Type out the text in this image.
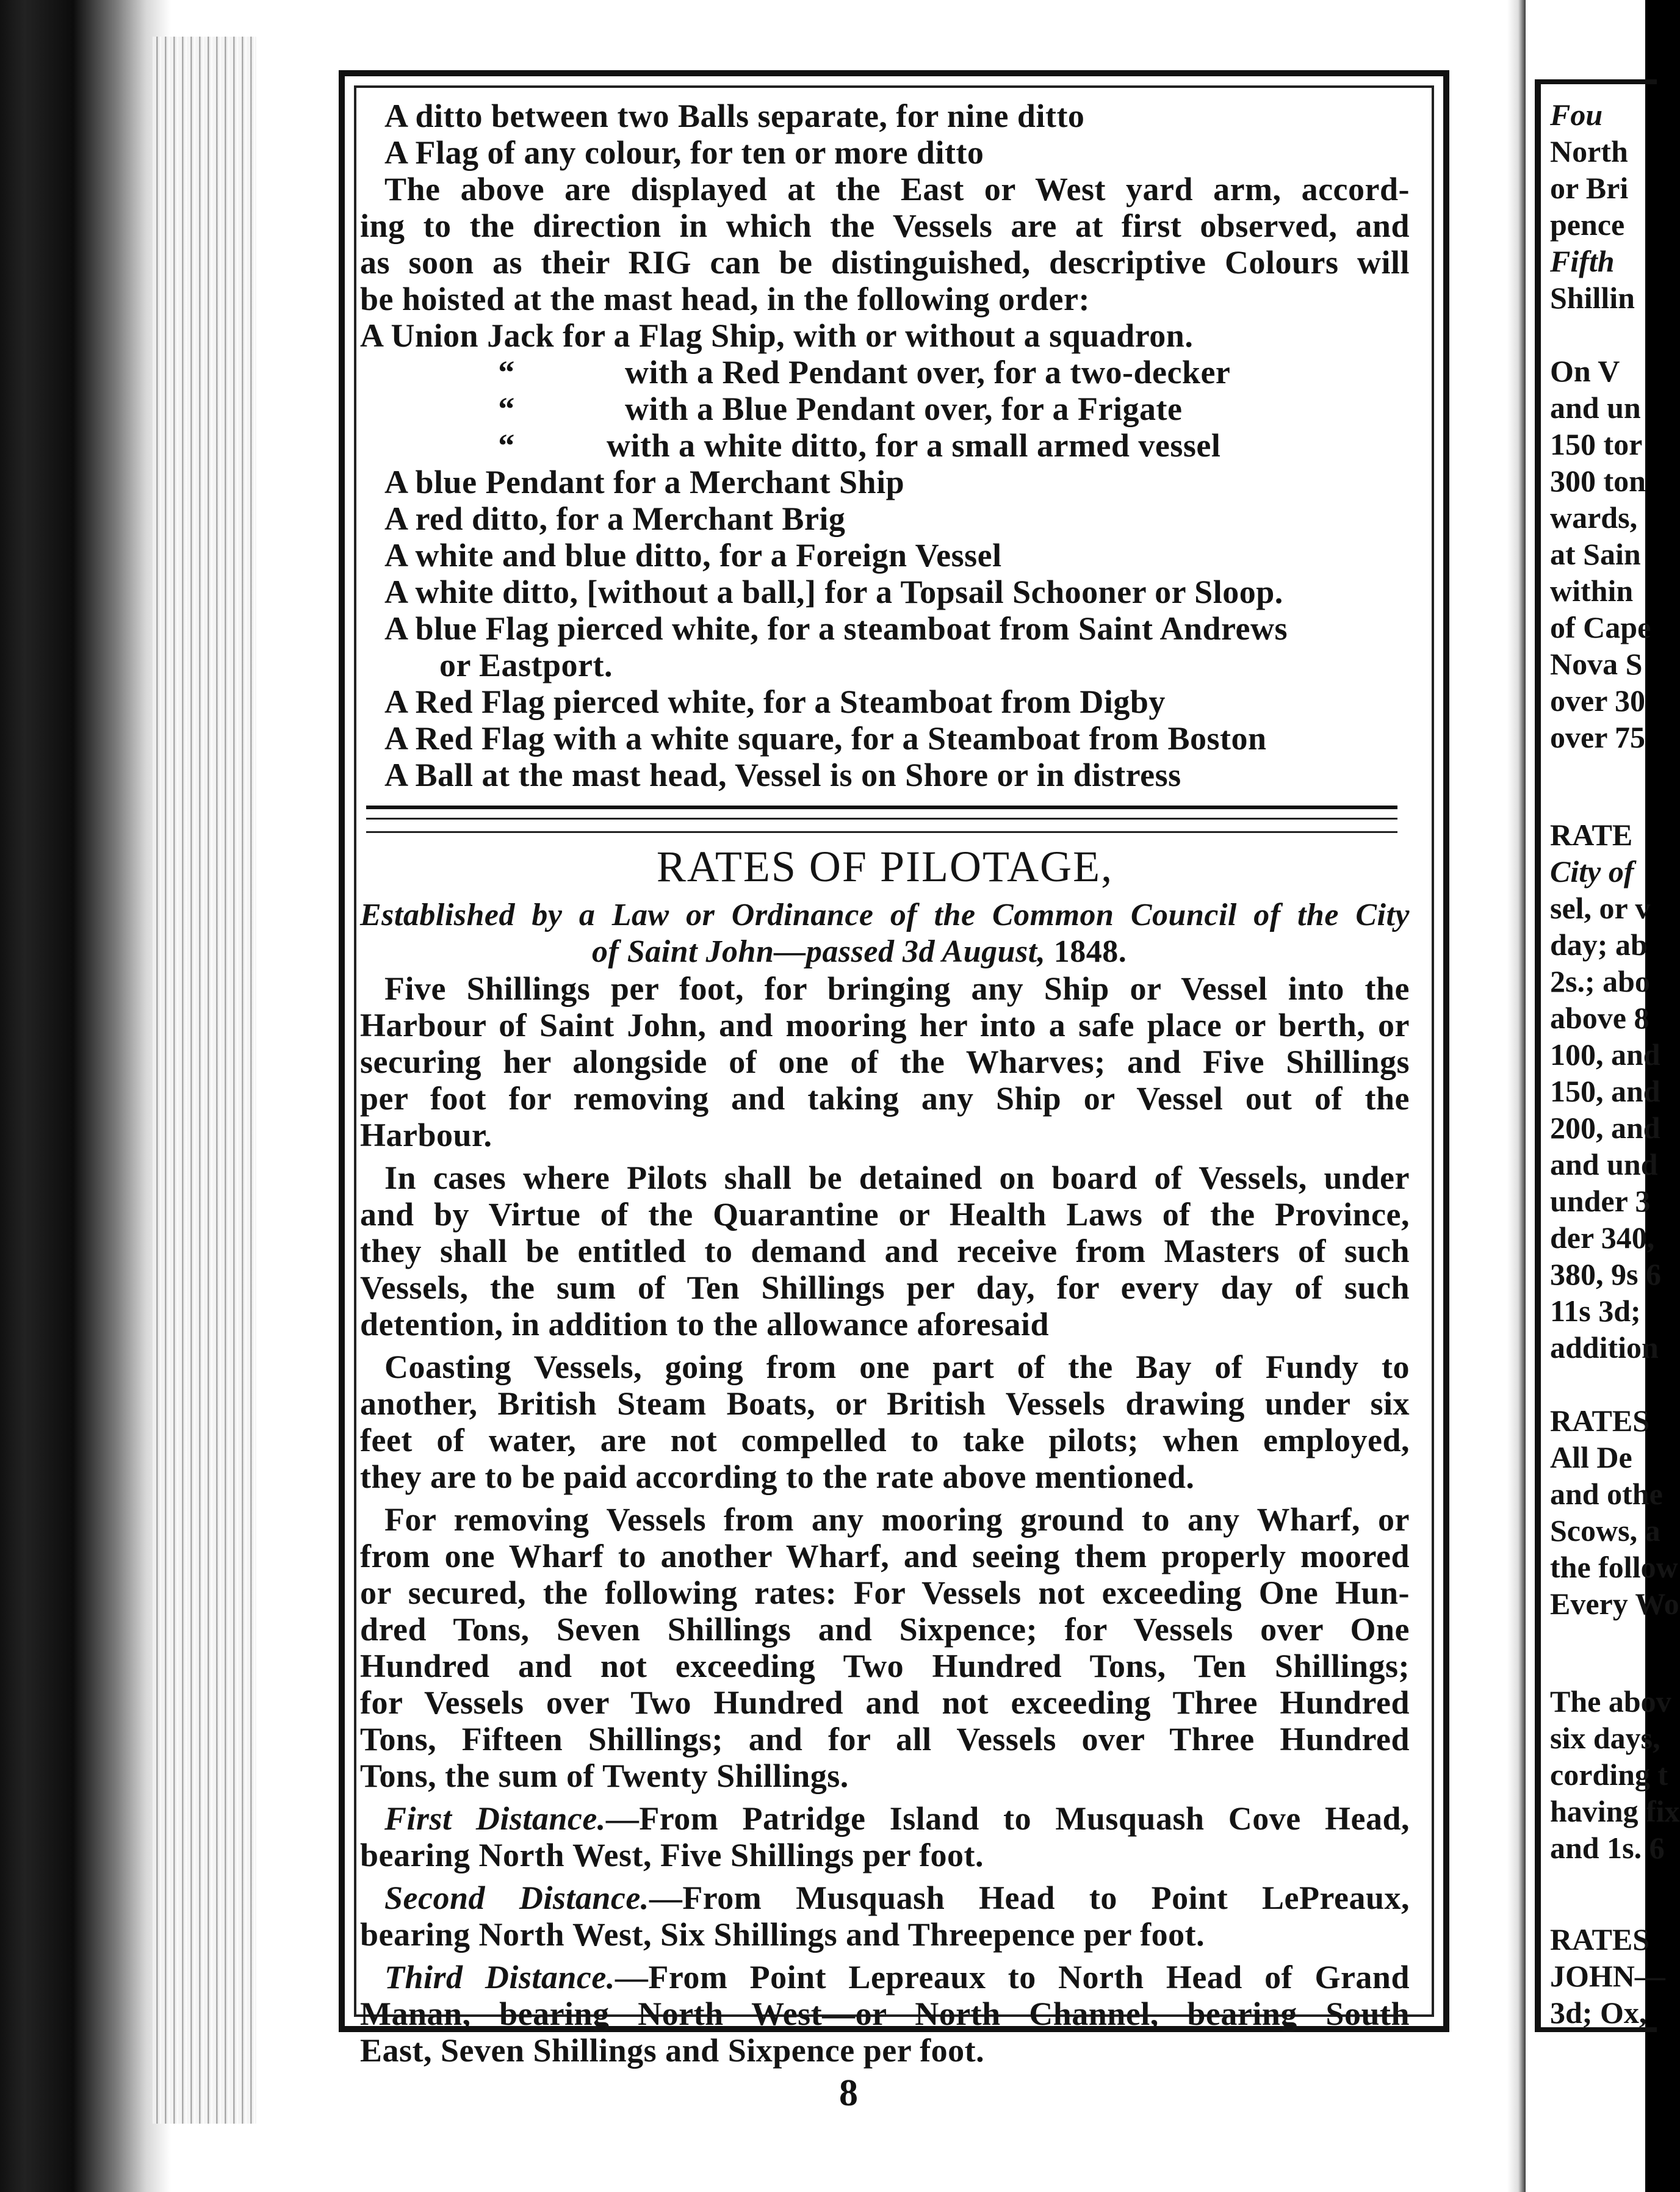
A ditto between two Balls separate, for nine ditto
A Flag of any colour, for ten or more ditto
The above are displayed at the East or West yard arm, accord-
ing to the direction in which the Vessels are at first observed, and
as soon as their RIG can be distinguished, descriptive Colours will
be hoisted at the mast head, in the following order:
A Union Jack for a Flag Ship, with or without a squadron.
“	with a Red Pendant over, for a two-decker
“	with a Blue Pendant over, for a Frigate
“	with a white ditto, for a small armed vessel
A blue Pendant for a Merchant Ship
A red ditto, for a Merchant Brig
A white and blue ditto, for a Foreign Vessel
A white ditto, [without a ball,] for a Topsail Schooner or Sloop.
A blue Flag pierced white, for a steamboat from Saint Andrews
or Eastport.
A Red Flag pierced white, for a Steamboat from Digby
A Red Flag with a white square, for a Steamboat from Boston
A Ball at the mast head, Vessel is on Shore or in distress
RATES OF PILOTAGE,
Established by a Law or Ordinance of the Common Council of the City
of Saint John—passed 3d August, 1848.
Five Shillings per foot, for bringing any Ship or Vessel into the
Harbour of Saint John, and mooring her into a safe place or berth, or
securing her alongside of one of the Wharves; and Five Shillings
per foot for removing and taking any Ship or Vessel out of the
Harbour.
In cases where Pilots shall be detained on board of Vessels, under
and by Virtue of the Quarantine or Health Laws of the Province,
they shall be entitled to demand and receive from Masters of such
Vessels, the sum of Ten Shillings per day, for every day of such
detention, in addition to the allowance aforesaid
Coasting Vessels, going from one part of the Bay of Fundy to
another, British Steam Boats, or British Vessels drawing under six
feet of water, are not compelled to take pilots; when employed,
they are to be paid according to the rate above mentioned.
For removing Vessels from any mooring ground to any Wharf, or
from one Wharf to another Wharf, and seeing them properly moored
or secured, the following rates: For Vessels not exceeding One Hun-
dred Tons, Seven Shillings and Sixpence; for Vessels over One
Hundred and not exceeding Two Hundred Tons, Ten Shillings;
for Vessels over Two Hundred and not exceeding Three Hundred
Tons, Fifteen Shillings; and for all Vessels over Three Hundred
Tons, the sum of Twenty Shillings.
First Distance.—From Patridge Island to Musquash Cove Head,
bearing North West, Five Shillings per foot.
Second Distance.—From Musquash Head to Point LePreaux,
bearing North West, Six Shillings and Threepence per foot.
Third Distance.—From Point Lepreaux to North Head of Grand
Manan, bearing North West—or North Channel, bearing South
East, Seven Shillings and Sixpence per foot.
8
Fou
North
or Bri
pence
Fifth
Shillin
On V
and un
150 tor
300 ton
wards,
at Sain
within
of Cape
Nova S
over 30
over 75
RATE
City of
sel, or v
day; ab
2s.; abo
above 8
100, and
150, and
200, and
and und
under 3
der 340,
380, 9s 6
11s 3d;
addition
RATES
All De
and othe
Scows, a
the follow
Every Wo
The abov
six days,
cording t
having fix
and 1s. 6
RATES
JOHN—
3d; Ox,
